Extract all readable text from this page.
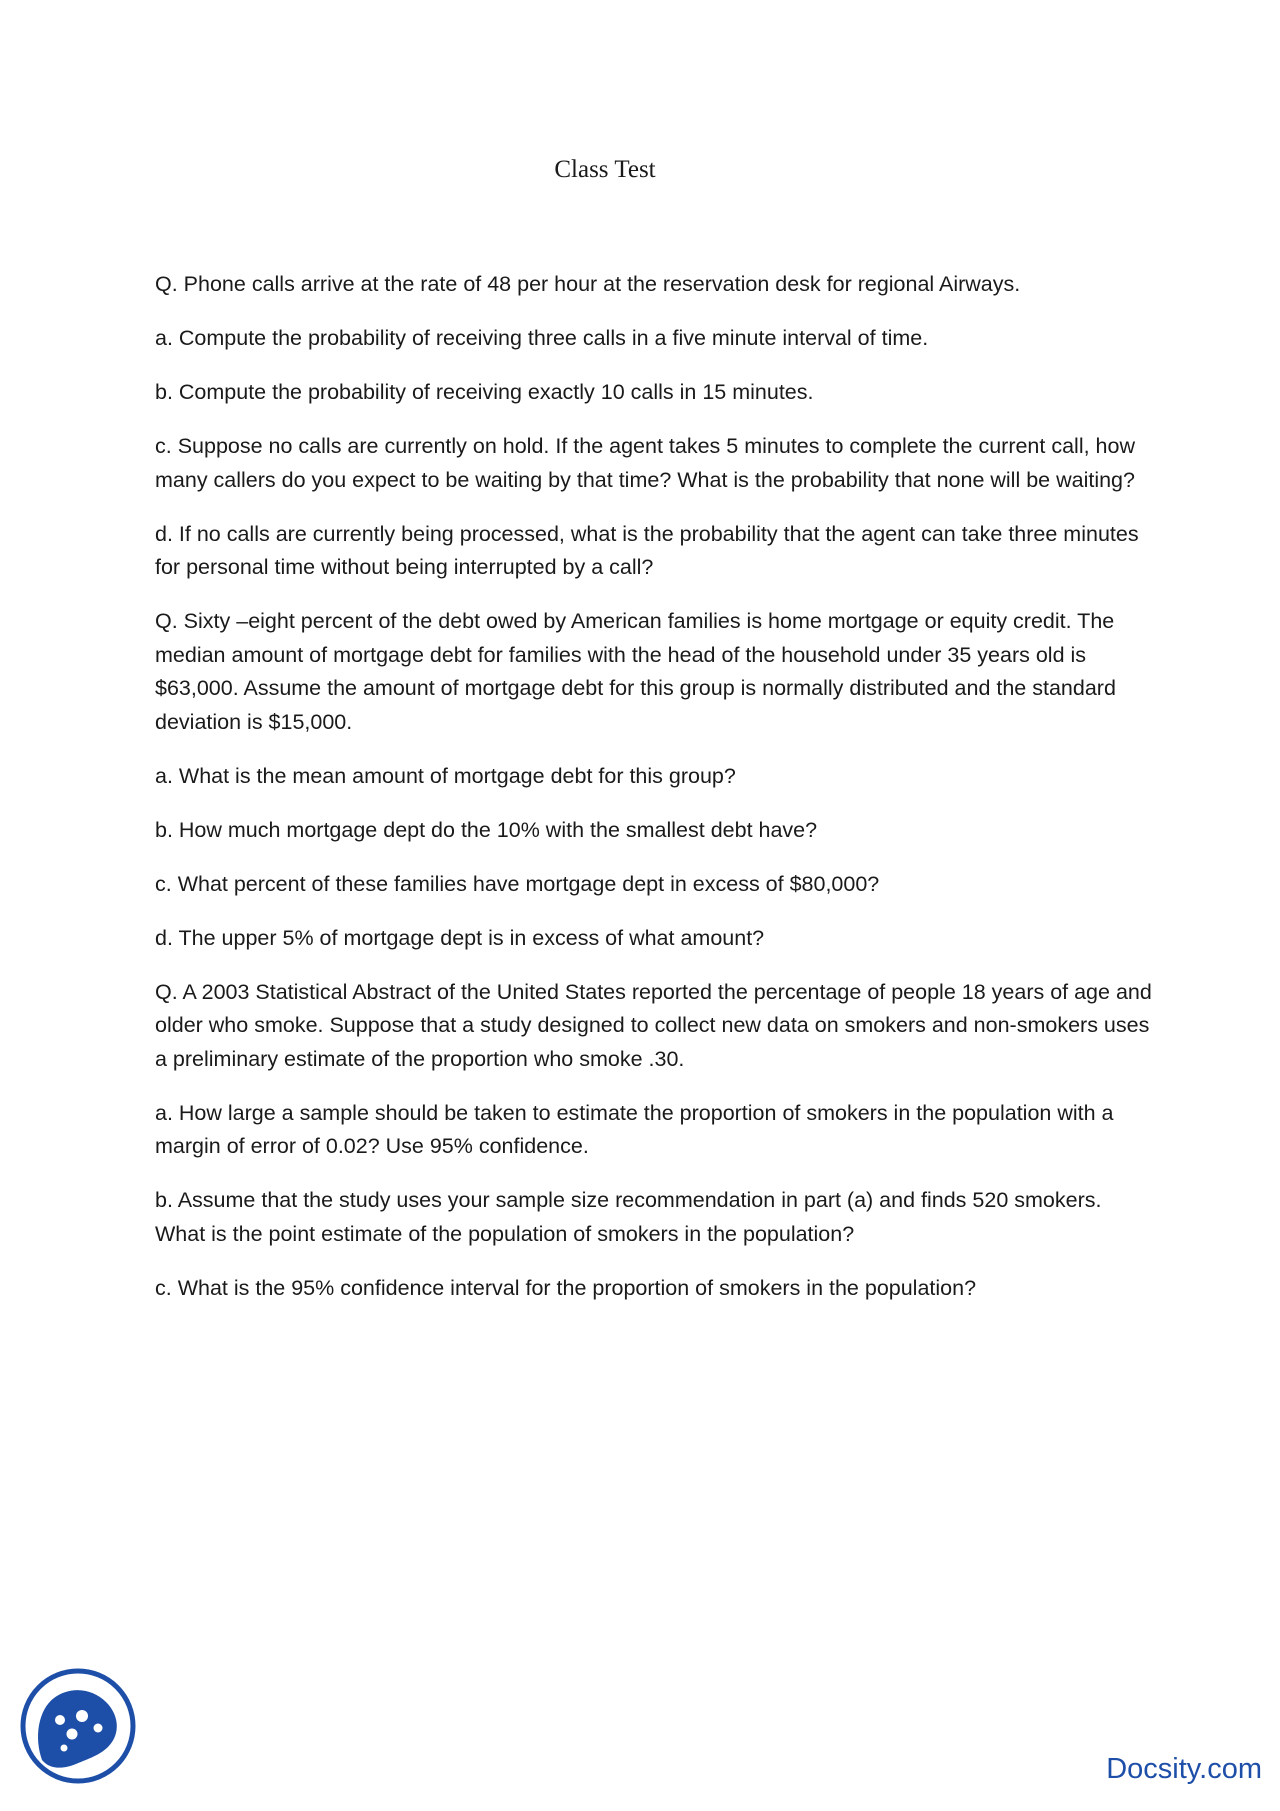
Class Test

Q. Phone calls arrive at the rate of 48 per hour at the reservation desk for regional Airways.

a. Compute the probability of receiving three calls in a five minute interval of time.

b. Compute the probability of receiving exactly 10 calls in 15 minutes.

c. Suppose no calls are currently on hold. If the agent takes 5 minutes to complete the current call, how many callers do you expect to be waiting by that time? What is the probability that none will be waiting?

d. If no calls are currently being processed, what is the probability that the agent can take three minutes for personal time without being interrupted by a call?

Q. Sixty –eight percent of the debt owed by American families is home mortgage or equity credit. The median amount of mortgage debt for families with the head of the household under 35 years old is $63,000. Assume the amount of mortgage debt for this group is normally distributed and the standard deviation is $15,000.

a. What is the mean amount of mortgage debt for this group?

b. How much mortgage dept do the 10% with the smallest debt have?

c. What percent of these families have mortgage dept in excess of $80,000?

d. The upper 5% of mortgage dept is in excess of what amount?

Q. A 2003 Statistical Abstract of the United States reported the percentage of people 18 years of age and older who smoke. Suppose that a study designed to collect new data on smokers and non-smokers uses a preliminary estimate of the proportion who smoke .30.

a. How large a sample should be taken to estimate the proportion of smokers in the population with a margin of error of 0.02? Use 95% confidence.

b. Assume that the study uses your sample size recommendation in part (a) and finds 520 smokers. What is the point estimate of the population of smokers in the population?

c. What is the 95% confidence interval for the proportion of smokers in the population?

Docsity.com
